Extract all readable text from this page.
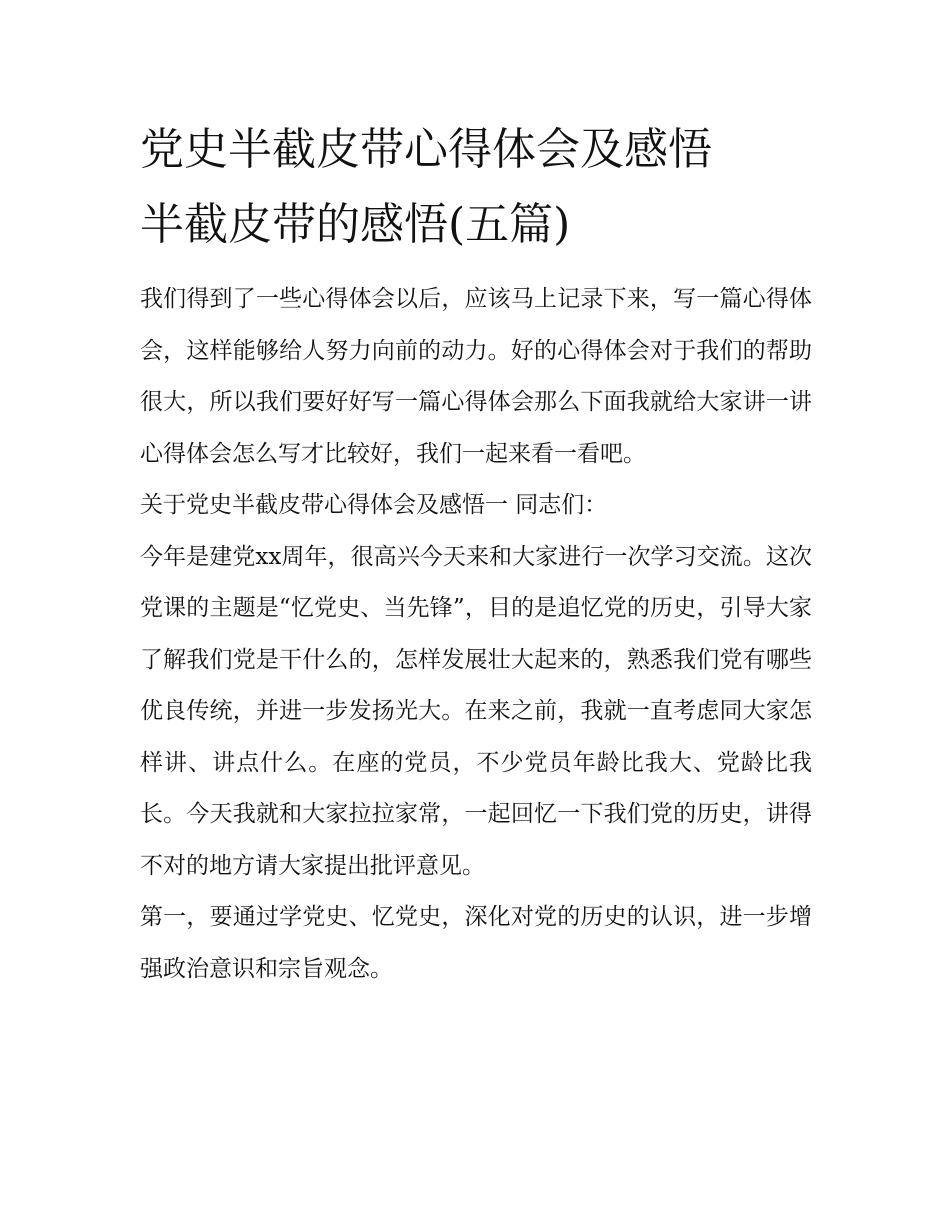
党史半截皮带心得体会及感悟
半截皮带的感悟(五篇)

我们得到了一些心得体会以后，应该马上记录下来，写一篇心得体会，这样能够给人努力向前的动力。好的心得体会对于我们的帮助很大，所以我们要好好写一篇心得体会那么下面我就给大家讲一讲心得体会怎么写才比较好，我们一起来看一看吧。

关于党史半截皮带心得体会及感悟一 同志们：

今年是建党xx周年，很高兴今天来和大家进行一次学习交流。这次党课的主题是“忆党史、当先锋”，目的是追忆党的历史，引导大家了解我们党是干什么的，怎样发展壮大起来的，熟悉我们党有哪些优良传统，并进一步发扬光大。在来之前，我就一直考虑同大家怎样讲、讲点什么。在座的党员，不少党员年龄比我大、党龄比我长。今天我就和大家拉拉家常，一起回忆一下我们党的历史，讲得不对的地方请大家提出批评意见。

第一，要通过学党史、忆党史，深化对党的历史的认识，进一步增强政治意识和宗旨观念。
